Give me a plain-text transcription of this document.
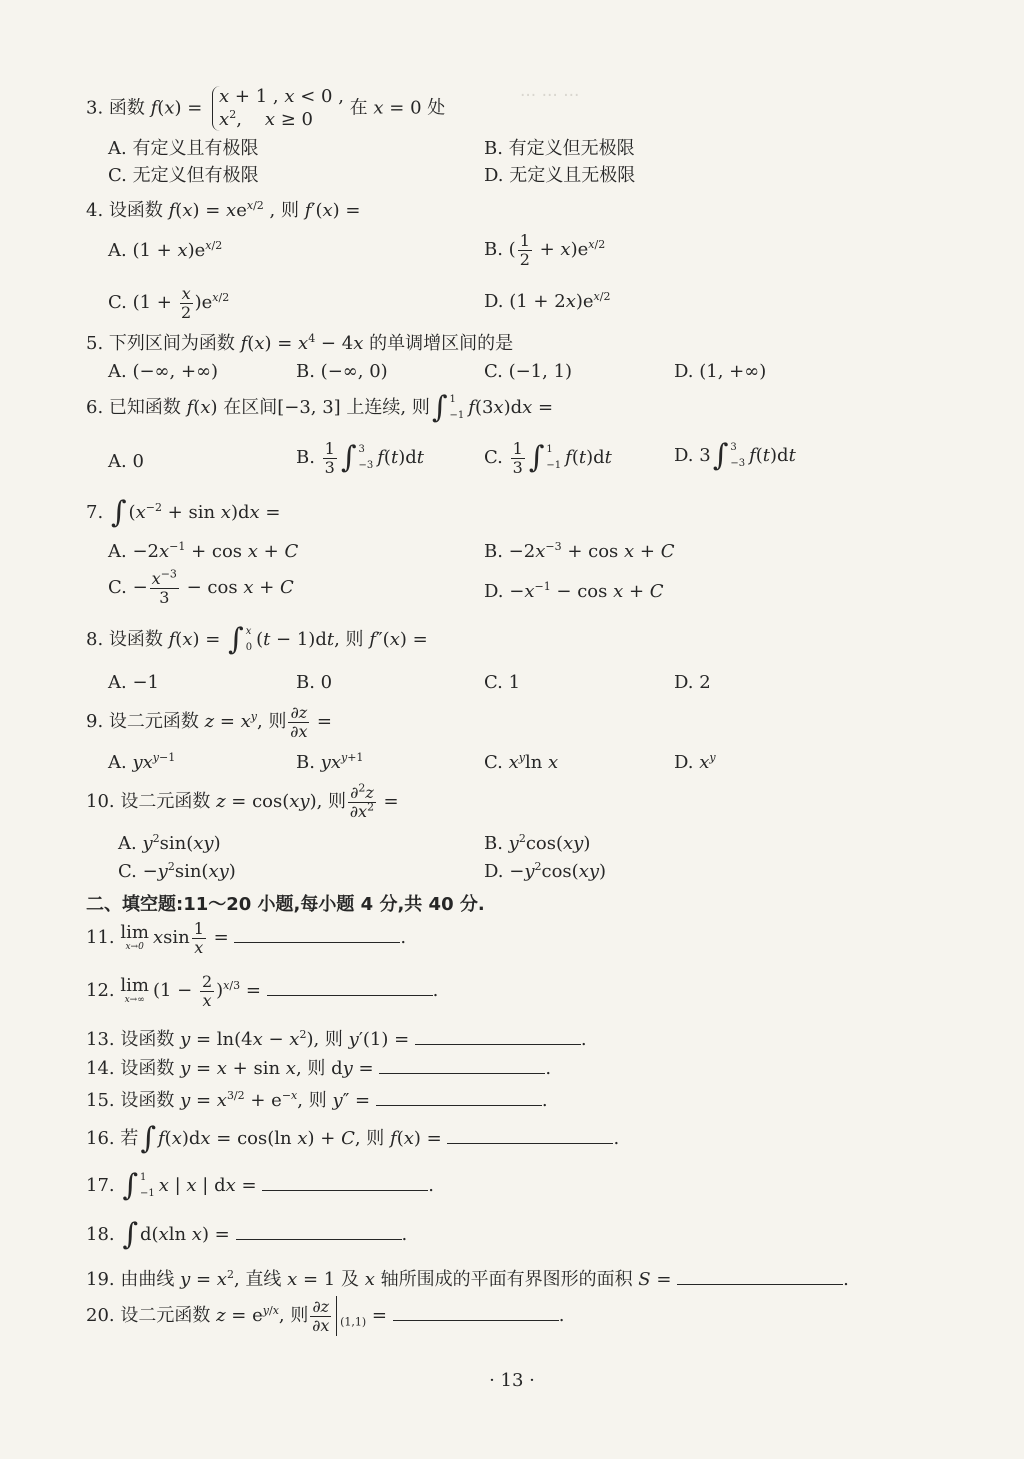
··· ··· ···
3. 函数 f(x) =
x + 1 , x < 0 ,
$x^2$,    x ≥ 0
在 x = 0 处
A. 有定义且有极限	B. 有定义但无极限
C. 无定义但有极限	D. 无定义且无极限
4. 设函数 $f(x) = xe^{x/2}$ , 则 f′(x) =
A. $(1 + x)e^{x/2}$	B. ( $\frac{1}{2} + x)e^{x/2}$
C. $(1 + \frac{x}{2} )e^{x/2}$	D. $(1 + 2x)e^{x/2}$
5. 下列区间为函数 $f(x) = x^4 - 4x$ 的单调增区间的是
A. (−∞, +∞)	B. (−∞, 0)	C. (−1, 1)	D. (1, +∞)
6. 已知函数 f(x) 在区间[−3, 3] 上连续, 则∫ 1
−1 f(3x)dx =
A. 0	B. $\frac{1}{3}$ ∫ 3
−3 f(t)dt	C. $\frac{1}{3}$ ∫ 1
−1 f(t)dt	D. 3∫ 3
−3 f(t)dt
7. ∫ $(x^{-2} + \sin x)dx$ =
A. $-2x^{-1} + \cos x + C$	B. $-2x^{-3} + \cos x + C$
C. − $\frac{x^{-3}}{3} - \cos x + C$	D. $-x^{-1} - \cos x + C$
8. 设函数 f(x) = ∫ x
0 (t − 1)dt, 则 f″(x) =
A. −1	B. 0	C. 1	D. 2
9. 设二元函数 $z = x^y$, 则 $\frac{\partial z}{\partial x}$ =
A. $yx^{y-1}$	B. $yx^{y+1}$	C. $x^y\ln$ x	D. $x^y$
10. 设二元函数 z = cos(xy), 则 $\frac{\partial^2z}{\partial x^2}$ =
A. $y^2\sin(xy)$	B. $y^2\cos(xy)$
C. $-y^2\sin(xy)$	D. $-y^2\cos(xy)$
二、填空题:11～20 小题,每小题 4 分,共 40 分.
11. lim
x→0 xsin $\frac{1}{x}$ =	.
12. lim
x→∞ $(1 - \frac{2}{x} )^{x/3}$ =	.
13. 设函数 $y = \ln(4x - x^2)$, 则 y′(1) =	.
14. 设函数 y = x + sin x, 则 dy =	.
15. 设函数 $y = x^{3/2} + e^{-x}$, 则 y″ =	.
16. 若∫ f(x)dx = cos(ln x) + C, 则 f(x) =	.
17. ∫ 1
−1 x | x | dx =	.
18. ∫ d(xln x) =	.
19. 由曲线 $y = x^2$, 直线 x = 1 及 x 轴所围成的平面有界图形的面积 S =	.
20. 设二元函数 $z = e^{y/x}$, 则 $\frac{\partial z}{\partial x} _{(1,1)}$ =	.
· 13 ·
